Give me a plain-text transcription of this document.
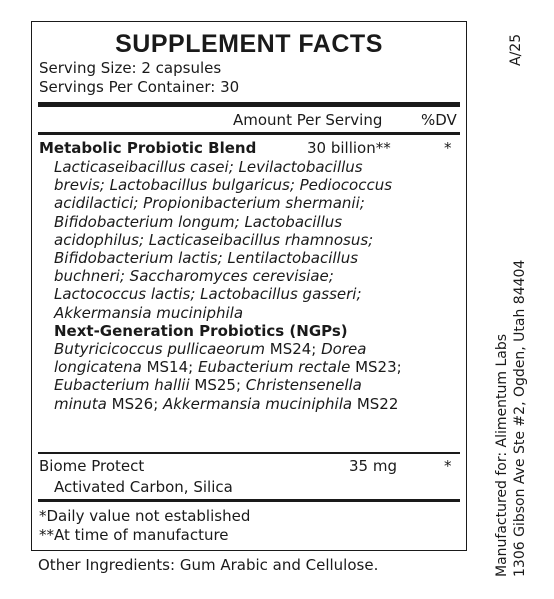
SUPPLEMENT FACTS
Serving Size: 2 capsules
Servings Per Container: 30
Amount Per Serving	%DV
Metabolic Probiotic Blend	30 billion**	*
Lacticaseibacillus casei; Levilactobacillus
brevis; Lactobacillus bulgaricus; Pediococcus
acidilactici; Propionibacterium shermanii;
Bifidobacterium longum; Lactobacillus
acidophilus; Lacticaseibacillus rhamnosus;
Bifidobacterium lactis; Lentilactobacillus
buchneri; Saccharomyces cerevisiae;
Lactococcus lactis; Lactobacillus gasseri;
Akkermansia muciniphila
Next-Generation Probiotics (NGPs)
Butyricicoccus pullicaeorum MS24; Dorea
longicatena MS14; Eubacterium rectale MS23;
Eubacterium hallii MS25; Christensenella
minuta MS26; Akkermansia muciniphila MS22
Biome Protect	35 mg	*
Activated Carbon, Silica
*Daily value not established
**At time of manufacture
Other Ingredients: Gum Arabic and Cellulose.
A/25
Manufactured for: Alimentum Labs 1306 Gibson Ave Ste #2, Ogden, Utah 84404
